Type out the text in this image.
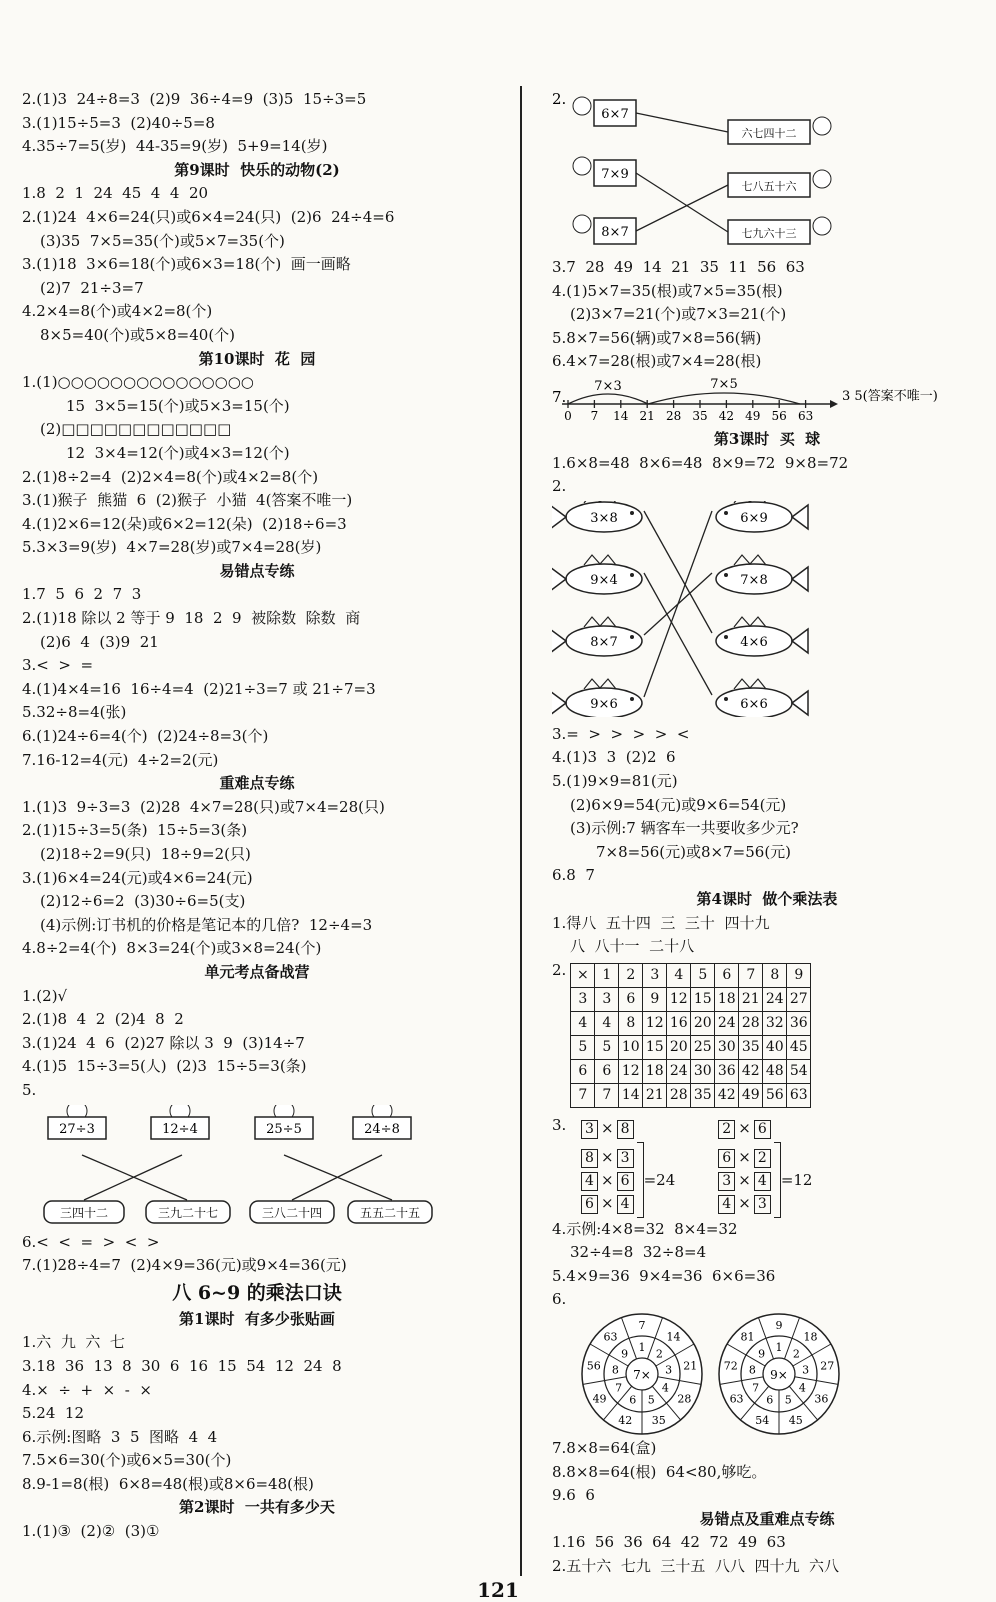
2.(1)3  24÷8=3  (2)9  36÷4=9  (3)5  15÷3=5
3.(1)15÷5=3  (2)40÷5=8
4.35÷7=5(岁)  44-35=9(岁)  5+9=14(岁)
第9课时  快乐的动物(2)
1.8  2  1  24  45  4  4  20
2.(1)24  4×6=24(只)或6×4=24(只)  (2)6  24÷4=6
(3)35  7×5=35(个)或5×7=35(个)
3.(1)18  3×6=18(个)或6×3=18(个)  画一画略
(2)7  21÷3=7
4.2×4=8(个)或4×2=8(个)
8×5=40(个)或5×8=40(个)
第10课时  花  园
1.(1)○○○○○○○○○○○○○○○
15  3×5=15(个)或5×3=15(个)
(2)□□□□□□□□□□□□
12  3×4=12(个)或4×3=12(个)
2.(1)8÷2=4  (2)2×4=8(个)或4×2=8(个)
3.(1)猴子  熊猫  6  (2)猴子  小猫  4(答案不唯一)
4.(1)2×6=12(朵)或6×2=12(朵)  (2)18÷6=3
5.3×3=9(岁)  4×7=28(岁)或7×4=28(岁)
易错点专练
1.7  5  6  2  7  3
2.(1)18 除以 2 等于 9  18  2  9  被除数  除数  商
(2)6  4  (3)9  21
3.<  >  =
4.(1)4×4=16  16÷4=4  (2)21÷3=7 或 21÷7=3
5.32÷8=4(张)
6.(1)24÷6=4(个)  (2)24÷8=3(个)
7.16-12=4(元)  4÷2=2(元)
重难点专练
1.(1)3  9÷3=3  (2)28  4×7=28(只)或7×4=28(只)
2.(1)15÷3=5(条)  15÷5=3(条)
(2)18÷2=9(只)  18÷9=2(只)
3.(1)6×4=24(元)或4×6=24(元)
(2)12÷6=2  (3)30÷6=5(支)
(4)示例:订书机的价格是笔记本的几倍?  12÷4=3
4.8÷2=4(个)  8×3=24(个)或3×8=24(个)
单元考点备战营
1.(2)√
2.(1)8  4  2  (2)4  8  2
3.(1)24  4  6  (2)27 除以 3  9  (3)14÷7
4.(1)5  15÷3=5(人)  (2)3  15÷5=3(条)
5.
27÷3	12÷4	25÷5	24÷8
三四十二	三九二十七	三八二十四	五五二十五
6.<  <  =  >  <  >
7.(1)28÷4=7  (2)4×9=36(元)或9×4=36(元)
八 6~9 的乘法口诀
第1课时  有多少张贴画
1.六  九  六  七
3.18  36  13  8  30  6  16  15  54  12  24  8
4.×  ÷  +  ×  -  ×
5.24  12
6.示例:图略  3  5  图略  4  4
7.5×6=30(个)或6×5=30(个)
8.9-1=8(根)  6×8=48(根)或8×6=48(根)
第2课时  一共有多少天
1.(1)③  (2)②  (3)①
2.
6×7
7×9
8×7
六七四十二
七八五十六
七九六十三
3.7  28  49  14  21  35  11  56  63
4.(1)5×7=35(根)或7×5=35(根)
(2)3×7=21(个)或7×3=21(个)
5.8×7=56(辆)或7×8=56(辆)
6.4×7=28(根)或7×4=28(根)
7.
7×3	7×5
0 7 14 21 28 35 42 49 56 63
3 5(答案不唯一)
第3课时  买  球
1.6×8=48  8×6=48  8×9=72  9×8=72
2.
3×8
9×4
8×7
9×6
6×9
7×8
4×6
6×6
3.=  >  >  >  >  <
4.(1)3  3  (2)2  6
5.(1)9×9=81(元)
(2)6×9=54(元)或9×6=54(元)
(3)示例:7 辆客车一共要收多少元?
7×8=56(元)或8×7=56(元)
6.8  7
第4课时  做个乘法表
1.得八  五十四  三  三十  四十九
八  八十一  二十八
2. ×	1	2	3	4	5	6	7	8	9
3	3	6	9	12	15	18	21	24	27
4	4	8	12	16	20	24	28	32	36
5	5	10	15	20	25	30	35	40	45
6	6	12	18	24	30	36	42	48	54
7	7	14	21	28	35	42	49	56	63
3.	3 × 8
8 × 3
4 × 6
6 × 4
=24
2 × 6
6 × 2
3 × 4
4 × 3
=12
4.示例:4×8=32  8×4=32
32÷4=8  32÷8=4
5.4×9=36  9×4=36  6×6=36
6.
1
7
2
14
3 21
4
28
5
35
6
42
7
49
8
56
9
63
7×
1
9
2
18
3 27
4
36
5
45
6
54
7
63
8
72
9
81
9×
7.8×8=64(盒)
8.8×8=64(根)  64<80,够吃。
9.6  6
易错点及重难点专练
1.16  56  36  64  42  72  49  63
2.五十六  七九  三十五  八八  四十九  六八
121
